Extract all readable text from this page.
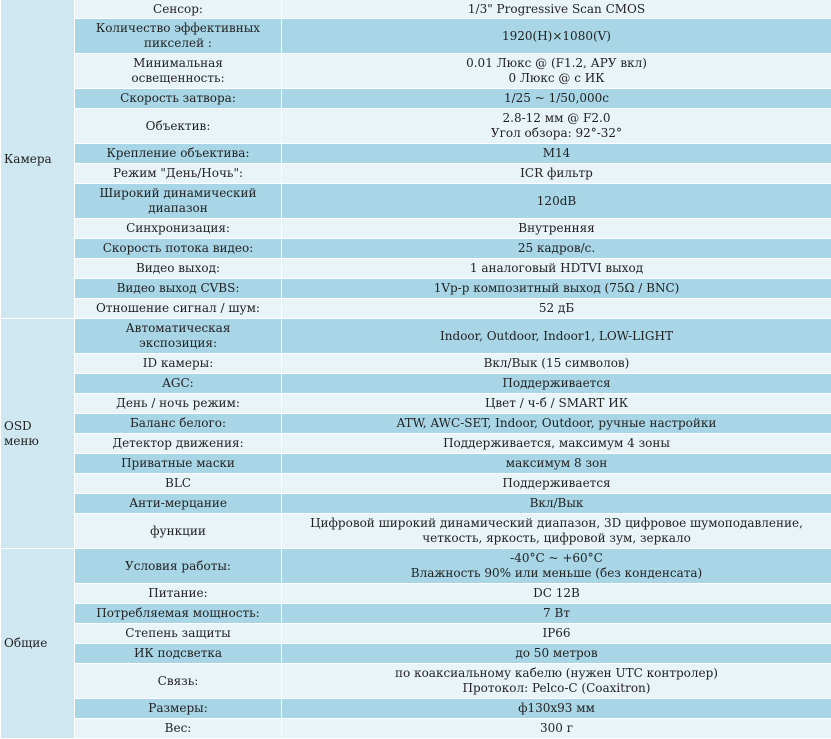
Камера	Сенсор:	1/3" Progressive Scan CMOS
	Количество эффективных
пикселей :	1920(H)×1080(V)
	Минимальная
освещенность:	0.01 Люкс @ (F1.2, АРУ вкл)
0 Люкс @ с ИК
	Скорость затвора:	1/25 ~ 1/50,000с
	Объектив:	2.8-12 мм @ F2.0
Угол обзора: 92°-32°
	Крепление объектива:	M14
	Режим "День/Ночь":	ICR фильтр
	Широкий динамический
диапазон	120dB
	Синхронизация:	Внутренняя
	Скорость потока видео:	25 кадров/с.
	Видео выход:	1 аналоговый HDTVI выход
	Видео выход CVBS:	1Vp-p композитный выход (75Ω / BNC)
	Отношение сигнал / шум:	52 дБ
OSD
меню	Автоматическая
экспозиция:	Indoor, Outdoor, Indoor1, LOW-LIGHT
	ID камеры:	Вкл/Вык (15 символов)
	AGC:	Поддерживается
	День / ночь режим:	Цвет / ч-б / SMART ИК
	Баланс белого:	ATW, AWC-SET, Indoor, Outdoor, ручные настройки
	Детектор движения:	Поддерживается, максимум 4 зоны
	Приватные маски	максимум 8 зон
	BLC	Поддерживается
	Анти-мерцание	Вкл/Вык
	функции	Цифровой широкий динамический диапазон, 3D цифровое шумоподавление,
четкость, яркость, цифровой зум, зеркало
Общие	Условия работы:	-40°C ~ +60°C
Влажность 90% или меньше (без конденсата)
	Питание:	DC 12В
	Потребляемая мощность:	7 Вт
	Степень защиты	IP66
	ИК подсветка	до 50 метров
	Связь:	по коаксиальному кабелю (нужен UTC контролер)
Протокол: Pelco-C (Coaxitron)
	Размеры:	ф130x93 мм
	Вес:	300 г
